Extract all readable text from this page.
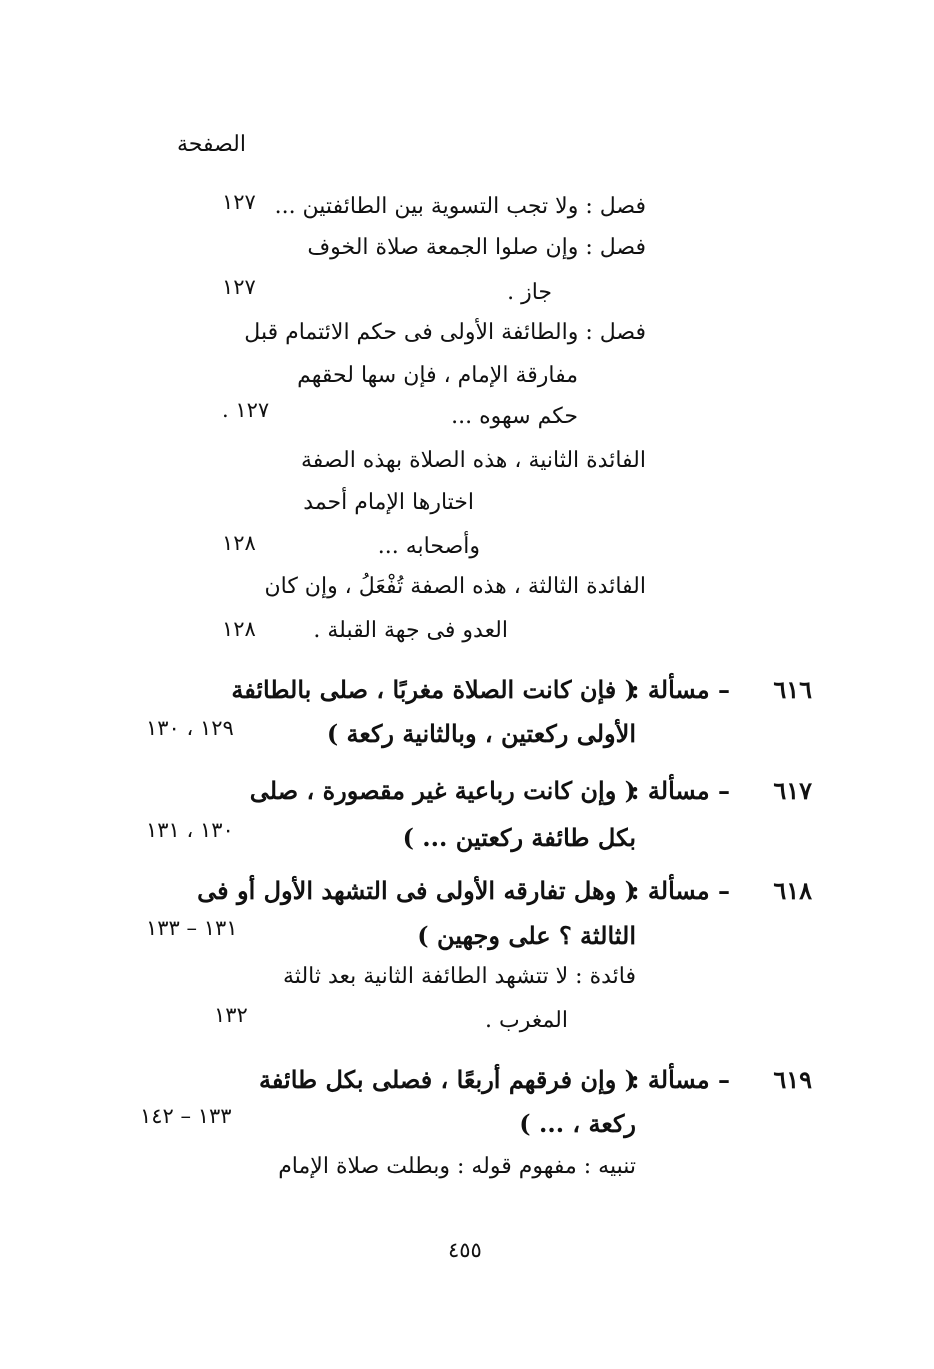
الصفحة
فصل : ولا تجب التسوية بين الطائفتين ...
١٢٧
فصل : وإن صلوا الجمعة صلاة الخوف
جاز .
١٢٧
فصل : والطائفة الأولى فى حكم الائتمام قبل
مفارقة الإمام ، فإن سها لحقهم
حكم سهوه ...
١٢٧ .
الفائدة الثانية ، هذه الصلاة بهذه الصفة
اختارها الإمام أحمد
وأصحابه ...
١٢٨
الفائدة الثالثة ، هذه الصفة تُفْعَلُ ، وإن كان
العدو فى جهة القبلة .
١٢٨
٦١٦
– مسألة :
( فإن كانت الصلاة مغربًا ، صلى بالطائفة
الأولى ركعتين ، وبالثانية ركعة )
١٢٩ ، ١٣٠
٦١٧
– مسألة :
( وإن كانت رباعية غير مقصورة ، صلى
بكل طائفة ركعتين ... )
١٣٠ ، ١٣١
٦١٨
– مسألة :
( وهل تفارقه الأولى فى التشهد الأول أو فى
الثالثة ؟ على وجهين )
١٣١ – ١٣٣
فائدة : لا تتشهد الطائفة الثانية بعد ثالثة
المغرب .
١٣٢
٦١٩
– مسألة :
( وإن فرقهم أربعًا ، فصلى بكل طائفة
ركعة ، ... )
١٣٣ – ١٤٢
تنبيه : مفهوم قوله : وبطلت صلاة الإمام
٤٥٥
